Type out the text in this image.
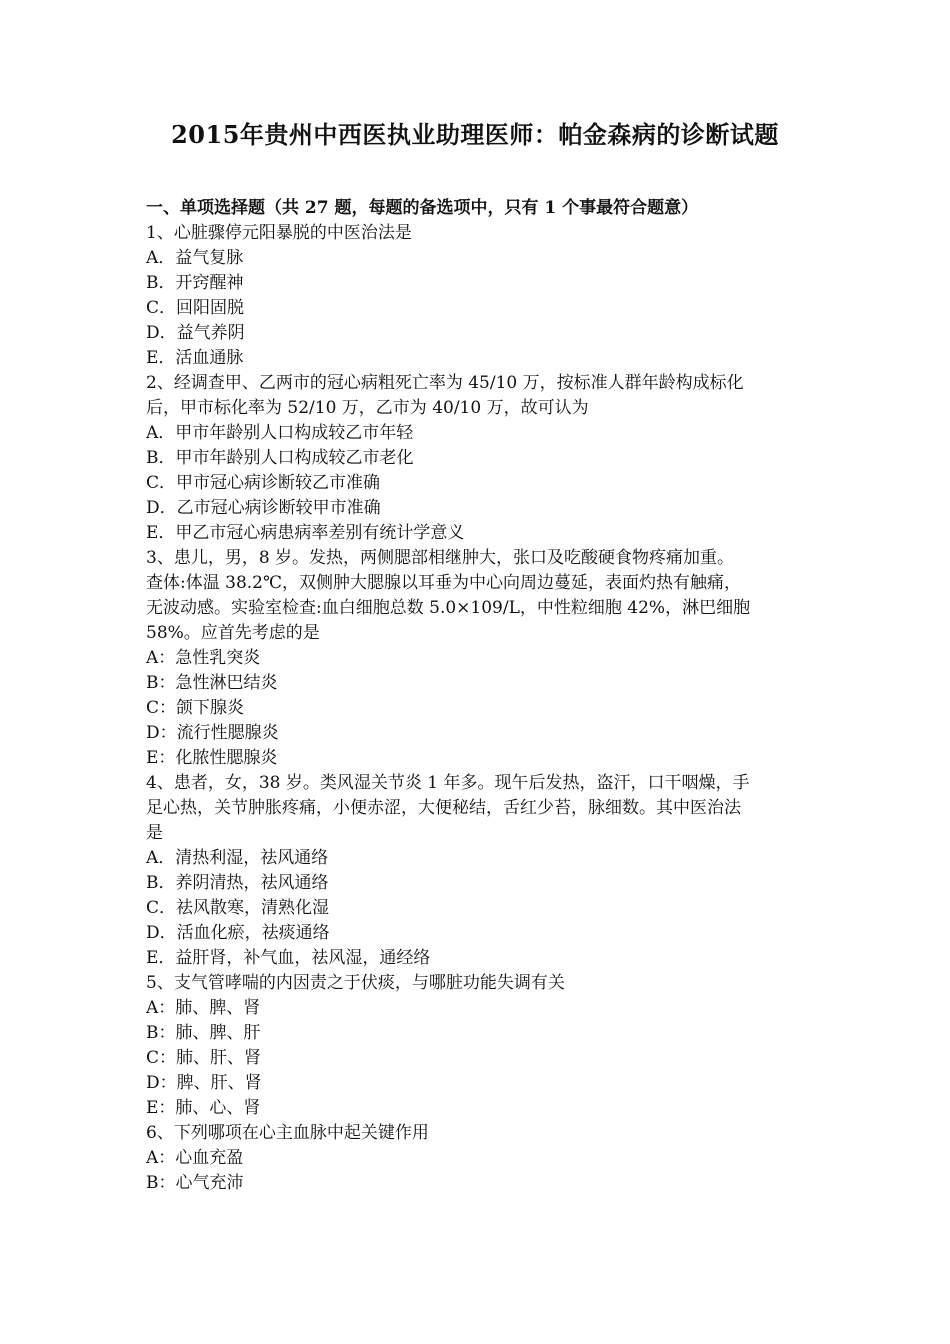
2015年贵州中西医执业助理医师：帕金森病的诊断试题
一、单项选择题（共 27 题，每题的备选项中，只有 1 个事最符合题意）
1、心脏骤停元阳暴脱的中医治法是
A．益气复脉
B．开窍醒神
C．回阳固脱
D．益气养阴
E．活血通脉
2、经调查甲、乙两市的冠心病粗死亡率为 45/10 万，按标准人群年龄构成标化
后，甲市标化率为 52/10 万，乙市为 40/10 万，故可认为
A．甲市年龄别人口构成较乙市年轻
B．甲市年龄别人口构成较乙市老化
C．甲市冠心病诊断较乙市准确
D．乙市冠心病诊断较甲市准确
E．甲乙市冠心病患病率差别有统计学意义
3、患儿，男，8 岁。发热，两侧腮部相继肿大，张口及吃酸硬食物疼痛加重。
查体:体温 38.2℃，双侧肿大腮腺以耳垂为中心向周边蔓延，表面灼热有触痛，
无波动感。实验室检查:血白细胞总数 5.0×109/L，中性粒细胞 42%，淋巴细胞
58%。应首先考虑的是
A：急性乳突炎
B：急性淋巴结炎
C：颌下腺炎
D：流行性腮腺炎
E：化脓性腮腺炎
4、患者，女，38 岁。类风湿关节炎 1 年多。现午后发热，盗汗，口干咽燥，手
足心热，关节肿胀疼痛，小便赤涩，大便秘结，舌红少苔，脉细数。其中医治法
是
A．清热利湿，祛风通络
B．养阴清热，祛风通络
C．祛风散寒，清熟化湿
D．活血化瘀，祛痰通络
E．益肝肾，补气血，祛风湿，通经络
5、支气管哮喘的内因责之于伏痰，与哪脏功能失调有关
A：肺、脾、肾
B：肺、脾、肝
C：肺、肝、肾
D：脾、肝、肾
E：肺、心、肾
6、下列哪项在心主血脉中起关键作用
A：心血充盈
B：心气充沛
